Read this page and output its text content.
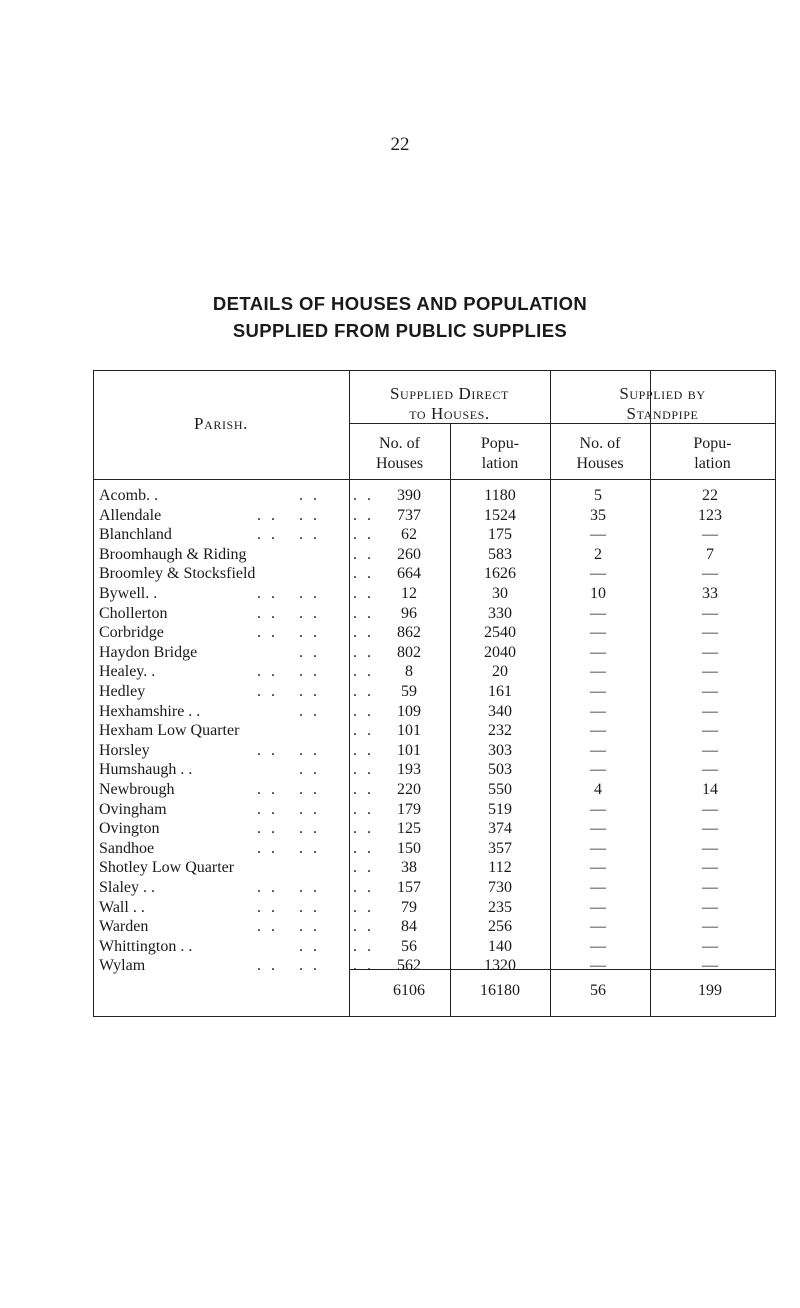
22
DETAILS OF HOUSES AND POPULATION
SUPPLIED FROM PUBLIC SUPPLIES
Parish.
Supplied Direct
to Houses.
Supplied by
Standpipe
No. of
Houses
Popu-
lation
No. of
Houses
Popu-
lation
Acomb. .	. .	390	1180	5	22
. .
Allendale	. . . .	737	1524	35	123
. .
Blanchland	. . . .	62	175	—	—
. .
Broomhaugh & Riding	260	583	2	7
. .
Broomley & Stocksfield	664	1626	—	—
. .
Bywell. .	. . . .	12	30	10	33
. .
Chollerton	. . . .	96	330	—	—
. .
Corbridge	. . . .	862	2540	—	—
. .
Haydon Bridge	. .	802	2040	—	—
. .
Healey. .	. . . .	8	20	—	—
. .
Hedley	. . . .	59	161	—	—
. .
Hexhamshire . .	. .	109	340	—	—
. .
Hexham Low Quarter	101	232	—	—
. .
Horsley	. . . .	101	303	—	—
. .
Humshaugh . .	. .	193	503	—	—
. .
Newbrough	. . . .	220	550	4	14
. .
Ovingham	. . . .	179	519	—	—
. .
Ovington	. . . .	125	374	—	—
. .
Sandhoe	. . . .	150	357	—	—
. .
Shotley Low Quarter	38	112	—	—
. .
Slaley . .	. . . .	157	730	—	—
. .
Wall . .	. . . .	79	235	—	—
. .
Warden	. . . .	84	256	—	—
. .
Whittington . .	. .	56	140	—	—
. .
Wylam	. . . .	562	1320	—	—
. .
6106	16180	56	199
